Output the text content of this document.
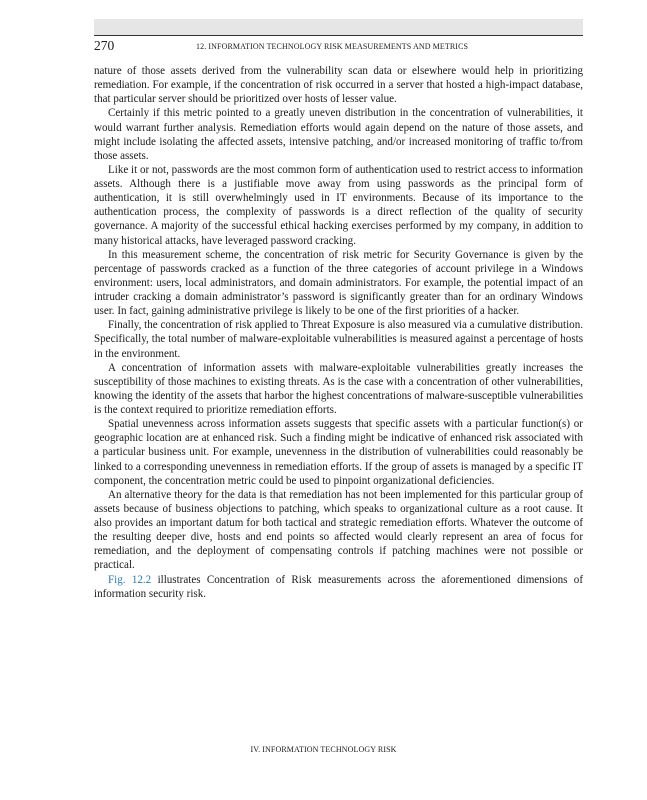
270	12. INFORMATION TECHNOLOGY RISK MEASUREMENTS AND METRICS

nature of those assets derived from the vulnerability scan data or elsewhere would help in prioritizing remediation. For example, if the concentration of risk occurred in a server that hosted a high-impact database, that particular server should be prioritized over hosts of lesser value.

Certainly if this metric pointed to a greatly uneven distribution in the concentration of vulnerabilities, it would warrant further analysis. Remediation efforts would again depend on the nature of those assets, and might include isolating the affected assets, intensive patching, and/or increased monitoring of traffic to/from those assets.

Like it or not, passwords are the most common form of authentication used to restrict access to information assets. Although there is a justifiable move away from using passwords as the principal form of authentication, it is still overwhelmingly used in IT environments. Because of its importance to the authentication process, the complexity of passwords is a direct reflection of the quality of security governance. A majority of the successful ethical hacking exercises performed by my company, in addition to many historical attacks, have leveraged password cracking.

In this measurement scheme, the concentration of risk metric for Security Governance is given by the percentage of passwords cracked as a function of the three categories of account privilege in a Windows environment: users, local administrators, and domain administrators. For example, the potential impact of an intruder cracking a domain administrator’s password is significantly greater than for an ordinary Windows user. In fact, gaining administrative privilege is likely to be one of the first priorities of a hacker.

Finally, the concentration of risk applied to Threat Exposure is also measured via a cumulative distribution. Specifically, the total number of malware-exploitable vulnerabilities is measured against a percentage of hosts in the environment.

A concentration of information assets with malware-exploitable vulnerabilities greatly increases the susceptibility of those machines to existing threats. As is the case with a concentration of other vulnerabilities, knowing the identity of the assets that harbor the highest concentrations of malware-susceptible vulnerabilities is the context required to prioritize remediation efforts.

Spatial unevenness across information assets suggests that specific assets with a particular function(s) or geographic location are at enhanced risk. Such a finding might be indicative of enhanced risk associated with a particular business unit. For example, unevenness in the distribution of vulnerabilities could reasonably be linked to a corresponding unevenness in remediation efforts. If the group of assets is managed by a specific IT component, the concentration metric could be used to pinpoint organizational deficiencies.

An alternative theory for the data is that remediation has not been implemented for this particular group of assets because of business objections to patching, which speaks to organizational culture as a root cause. It also provides an important datum for both tactical and strategic remediation efforts. Whatever the outcome of the resulting deeper dive, hosts and end points so affected would clearly represent an area of focus for remediation, and the deployment of compensating controls if patching machines were not possible or practical.

Fig. 12.2 illustrates Concentration of Risk measurements across the aforementioned dimensions of information security risk.

IV. INFORMATION TECHNOLOGY RISK
